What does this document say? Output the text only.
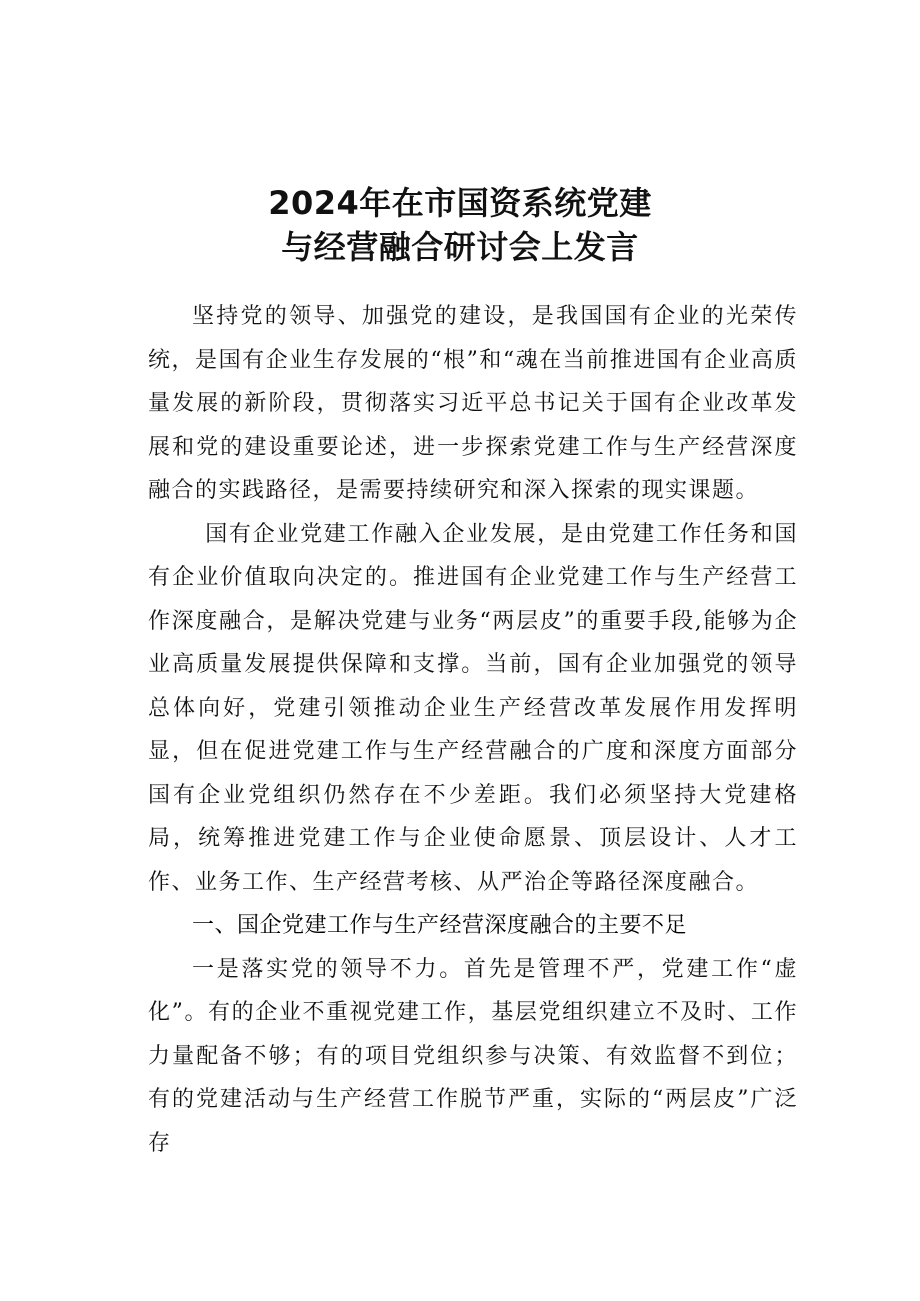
2024年在市国资系统党建
与经营融合研讨会上发言

坚持党的领导、加强党的建设，是我国国有企业的光荣传统，是国有企业生存发展的“根”和“魂在当前推进国有企业高质量发展的新阶段，贯彻落实习近平总书记关于国有企业改革发展和党的建设重要论述，进一步探索党建工作与生产经营深度融合的实践路径，是需要持续研究和深入探索的现实课题。

国有企业党建工作融入企业发展，是由党建工作任务和国有企业价值取向决定的。推进国有企业党建工作与生产经营工作深度融合，是解决党建与业务“两层皮”的重要手段,能够为企业高质量发展提供保障和支撑。当前，国有企业加强党的领导总体向好，党建引领推动企业生产经营改革发展作用发挥明显，但在促进党建工作与生产经营融合的广度和深度方面部分国有企业党组织仍然存在不少差距。我们必须坚持大党建格局，统筹推进党建工作与企业使命愿景、顶层设计、人才工作、业务工作、生产经营考核、从严治企等路径深度融合。

一、国企党建工作与生产经营深度融合的主要不足

一是落实党的领导不力。首先是管理不严，党建工作“虚化”。有的企业不重视党建工作，基层党组织建立不及时、工作力量配备不够；有的项目党组织参与决策、有效监督不到位；有的党建活动与生产经营工作脱节严重，实际的“两层皮”广泛存
